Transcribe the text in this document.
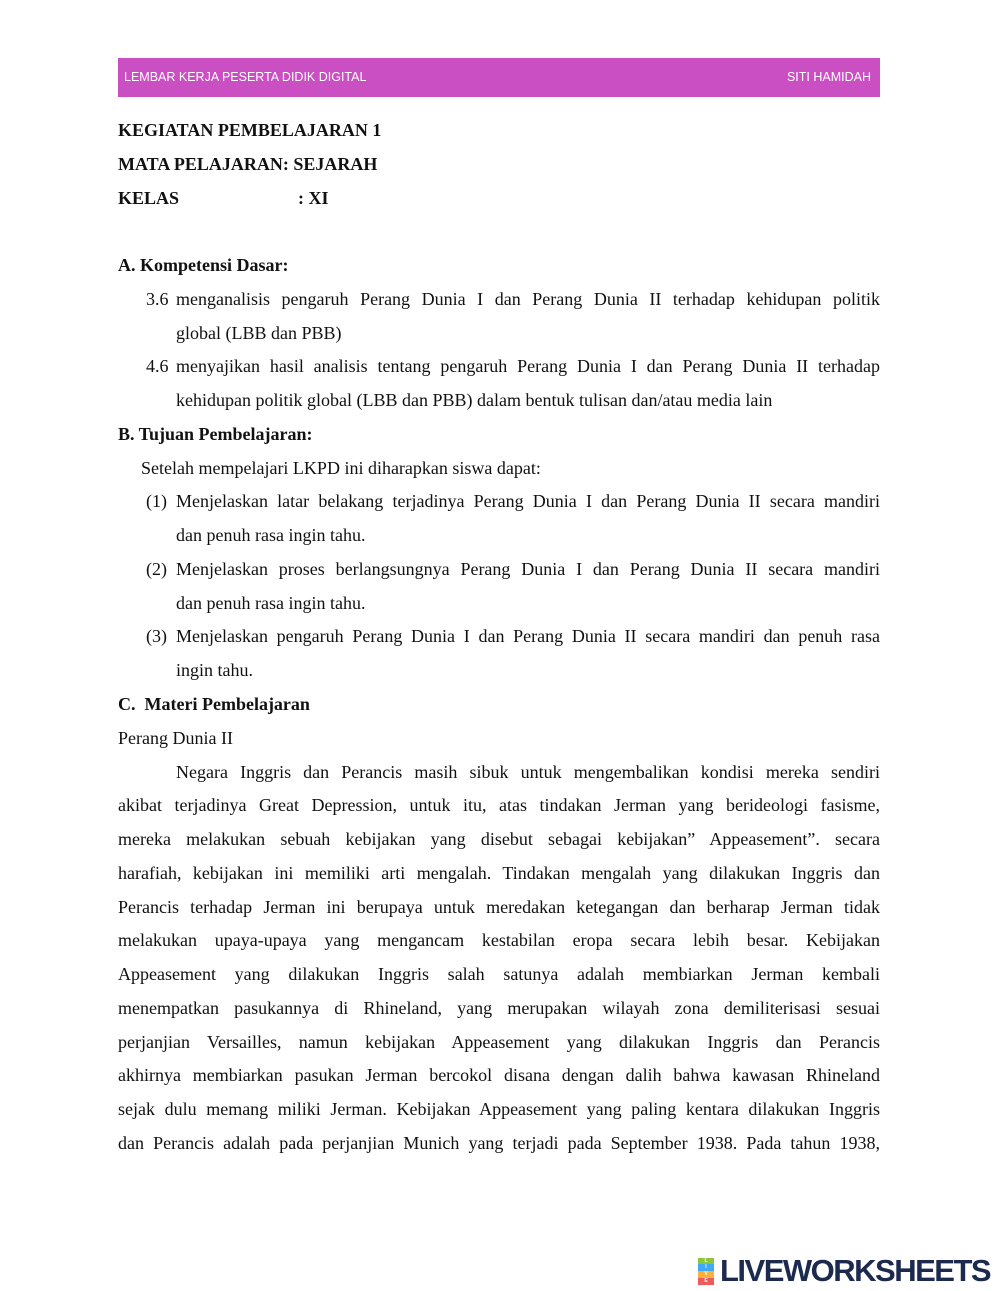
LEMBAR KERJA PESERTA DIDIK DIGITAL	SITI HAMIDAH
KEGIATAN PEMBELAJARAN 1
MATA PELAJARAN: SEJARAH
KELAS	: XI
A. Kompetensi Dasar:
3.6 menganalisis pengaruh Perang Dunia I dan Perang Dunia II terhadap kehidupan politik
global (LBB dan PBB)
4.6 menyajikan hasil analisis tentang pengaruh Perang Dunia I dan Perang Dunia II terhadap
kehidupan politik global (LBB dan PBB) dalam bentuk tulisan dan/atau media lain
B. Tujuan Pembelajaran:
Setelah mempelajari LKPD ini diharapkan siswa dapat:
(1) Menjelaskan latar belakang terjadinya Perang Dunia I dan Perang Dunia II secara mandiri
dan penuh rasa ingin tahu.
(2) Menjelaskan proses berlangsungnya Perang Dunia I dan Perang Dunia II secara mandiri
dan penuh rasa ingin tahu.
(3) Menjelaskan pengaruh Perang Dunia I dan Perang Dunia II secara mandiri dan penuh rasa
ingin tahu.
C.  Materi Pembelajaran
Perang Dunia II
Negara Inggris dan Perancis masih sibuk untuk mengembalikan kondisi mereka sendiri
akibat terjadinya Great Depression, untuk itu, atas tindakan Jerman yang berideologi fasisme,
mereka melakukan sebuah kebijakan yang disebut sebagai kebijakan” Appeasement”. secara
harafiah, kebijakan ini memiliki arti mengalah. Tindakan mengalah yang dilakukan Inggris dan
Perancis terhadap Jerman ini berupaya untuk meredakan ketegangan dan berharap Jerman tidak
melakukan upaya-upaya yang mengancam kestabilan eropa secara lebih besar. Kebijakan
Appeasement yang dilakukan Inggris salah satunya adalah membiarkan Jerman kembali
menempatkan pasukannya di Rhineland, yang merupakan wilayah zona demiliterisasi sesuai
perjanjian Versailles, namun kebijakan Appeasement yang dilakukan Inggris dan Perancis
akhirnya membiarkan pasukan Jerman bercokol disana dengan dalih bahwa kawasan Rhineland
sejak dulu memang miliki Jerman. Kebijakan Appeasement yang paling kentara dilakukan Inggris
dan Perancis adalah pada perjanjian Munich yang terjadi pada September 1938. Pada tahun 1938,
L
I
V
E LIVEWORKSHEETS
